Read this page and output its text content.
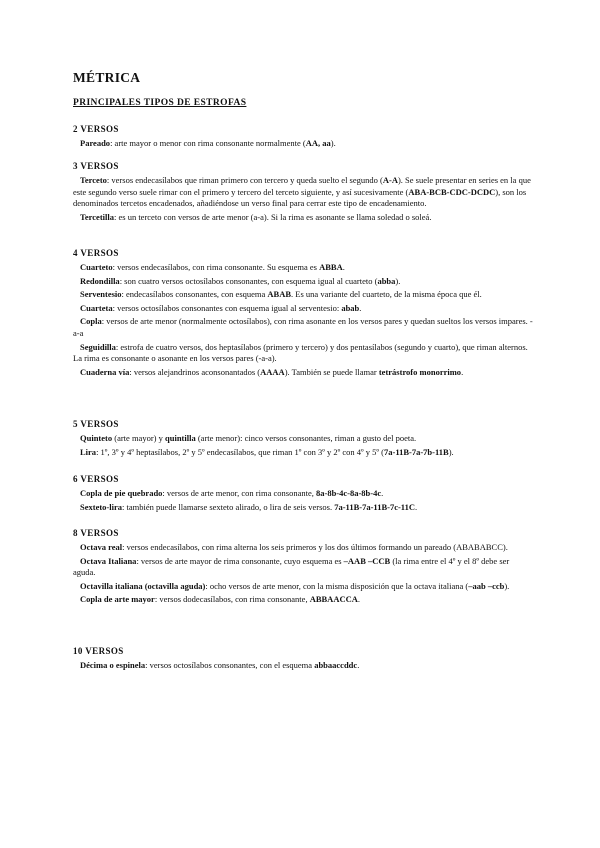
MÉTRICA
PRINCIPALES TIPOS DE ESTROFAS
2 VERSOS
Pareado: arte mayor o menor con rima consonante normalmente (AA, aa).
3 VERSOS
Terceto: versos endecasílabos que riman primero con tercero y queda suelto el segundo (A-A). Se suele presentar en series en la que este segundo verso suele rimar con el primero y tercero del terceto siguiente, y así sucesivamente (ABA-BCB-CDC-DCDC), son los denominados tercetos encadenados, añadiéndose un verso final para cerrar este tipo de encadenamiento.
Tercetilla: es un terceto con versos de arte menor (a-a). Si la rima es asonante se llama soledad o soleá.
4 VERSOS
Cuarteto: versos endecasílabos, con rima consonante. Su esquema es ABBA.
Redondilla: son cuatro versos octosílabos consonantes, con esquema igual al cuarteto (abba).
Serventesio: endecasílabos consonantes, con esquema ABAB. Es una variante del cuarteto, de la misma época que él.
Cuarteta: versos octosílabos consonantes con esquema igual al serventesio: abab.
Copla: versos de arte menor (normalmente octosílabos), con rima asonante en los versos pares y quedan sueltos los versos impares. -a-a
Seguidilla: estrofa de cuatro versos, dos heptasílabos (primero y tercero) y dos pentasílabos (segundo y cuarto), que riman alternos. La rima es consonante o asonante en los versos pares (-a-a).
Cuaderna vía: versos alejandrinos aconsonantados (AAAA). También se puede llamar tetrástrofo monorrimo.
5 VERSOS
Quinteto (arte mayor) y quintilla (arte menor): cinco versos consonantes, riman a gusto del poeta.
Lira: 1º, 3º y 4º heptasílabos, 2º y 5º endecasílabos, que riman 1º con 3º y 2º con 4º y 5º (7a-11B-7a-7b-11B).
6 VERSOS
Copla de pie quebrado: versos de arte menor, con rima consonante, 8a-8b-4c-8a-8b-4c.
Sexteto-lira: también puede llamarse sexteto alirado, o lira de seis versos. 7a-11B-7a-11B-7c-11C.
8 VERSOS
Octava real: versos endecasílabos, con rima alterna los seis primeros y los dos últimos formando un pareado (ABABABCC).
Octava Italiana: versos de arte mayor de rima consonante, cuyo esquema es –AAB –CCB (la rima entre el 4º y el 8º debe ser aguda.
Octavilla italiana (octavilla aguda): ocho versos de arte menor, con la misma disposición que la octava italiana (–aab –ccb).
Copla de arte mayor: versos dodecasílabos, con rima consonante, ABBAACCA.
10 VERSOS
Décima o espinela: versos octosílabos consonantes, con el esquema abbaaccddc.
